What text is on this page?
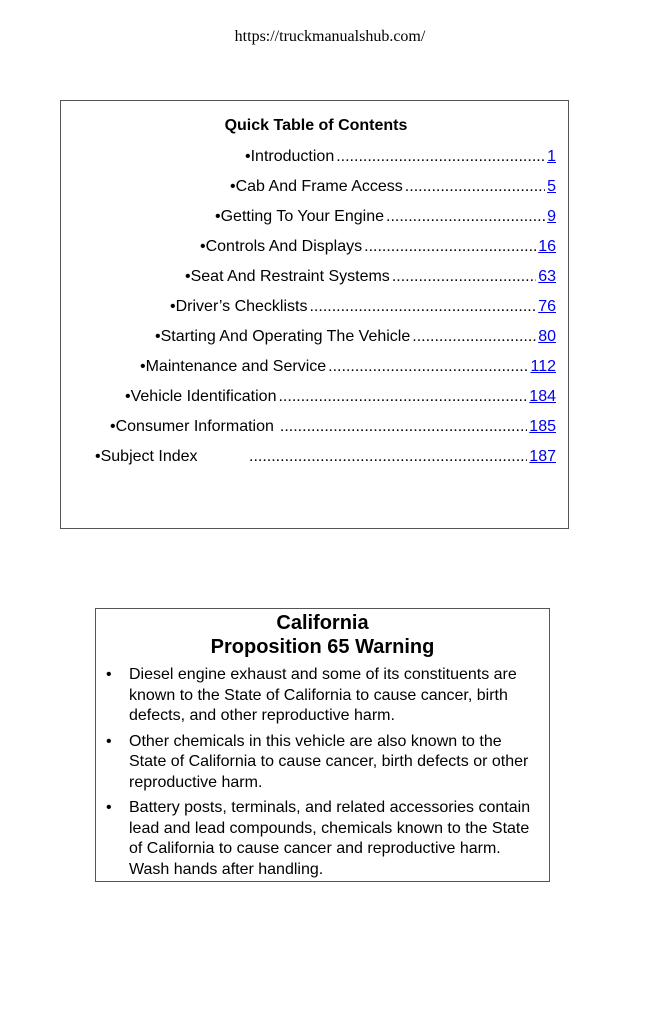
https://truckmanualshub.com/
Quick Table of Contents
•Introduction .....	1
•Cab And Frame Access .....	5
•Getting To Your Engine .....	9
•Controls And Displays .....	16
•Seat And Restraint Systems .....	63
•Driver’s Checklists .....	76
•Starting And Operating The Vehicle .....	80
•Maintenance and Service .....	112
•Vehicle Identification .....	184
•Consumer Information .....	185
•Subject Index .....	187
California
Proposition 65 Warning
• Diesel engine exhaust and some of its constituents are known to the State of California to cause cancer, birth defects, and other reproductive harm.
• Other chemicals in this vehicle are also known to the State of California to cause cancer, birth defects or other reproductive harm.
• Battery posts, terminals, and related accessories contain lead and lead compounds, chemicals known to the State of California to cause cancer and reproductive harm. Wash hands after handling.
